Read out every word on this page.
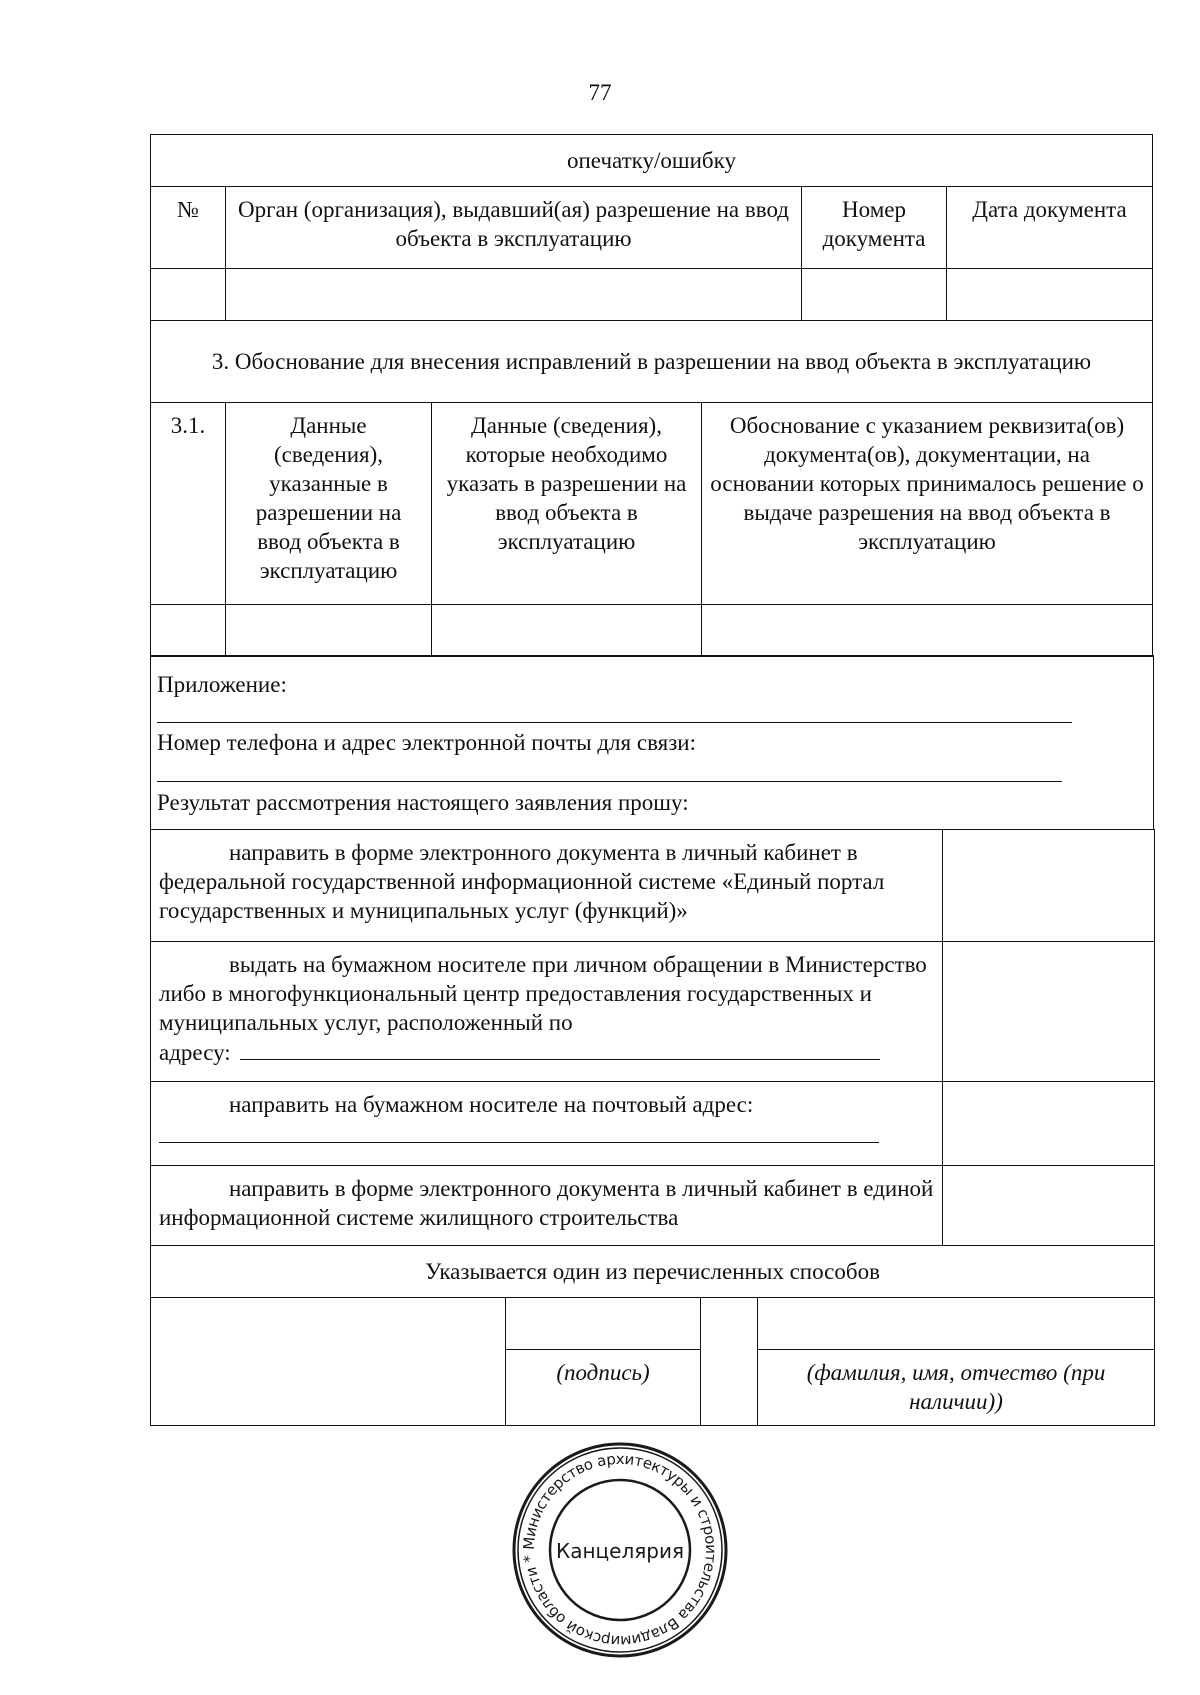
77
опечатку/ошибку			
№	Орган (организация), выдавший(ая) разрешение на ввод объекта в эксплуатацию	Номер документа	Дата документа

3. Обоснование для внесения исправлений в разрешении на ввод объекта в эксплуатацию			
3.1.	Данные (сведения), указанные в разрешении на ввод объекта в эксплуатацию	Данные (сведения), которые необходимо указать в разрешении на ввод объекта в эксплуатацию	Обоснование с указанием реквизита(ов) документа(ов), документации, на основании которых принималось решение о выдаче разрешения на ввод объекта в эксплуатацию

Приложение:
Номер телефона и адрес электронной почты для связи:
Результат рассмотрения настоящего заявления прошу:
направить в форме электронного документа в личный кабинет в федеральной государственной информационной системе «Единый портал государственных и муниципальных услуг (функций)»	

выдать на бумажном носителе при личном обращении в Министерство либо в многофункциональный центр предоставления государственных и муниципальных услуг, расположенный по
адресу:	

направить на бумажном носителе на почтовый адрес:	

направить в форме электронного документа в личный кабинет в единой информационной системе жилищного строительства	

Указывается один из перечисленных способов			

	(подпись)		(фамилия, имя, отчество (при наличии))
Министерство архитектуры и строительства Владимирской области * Канцелярия
